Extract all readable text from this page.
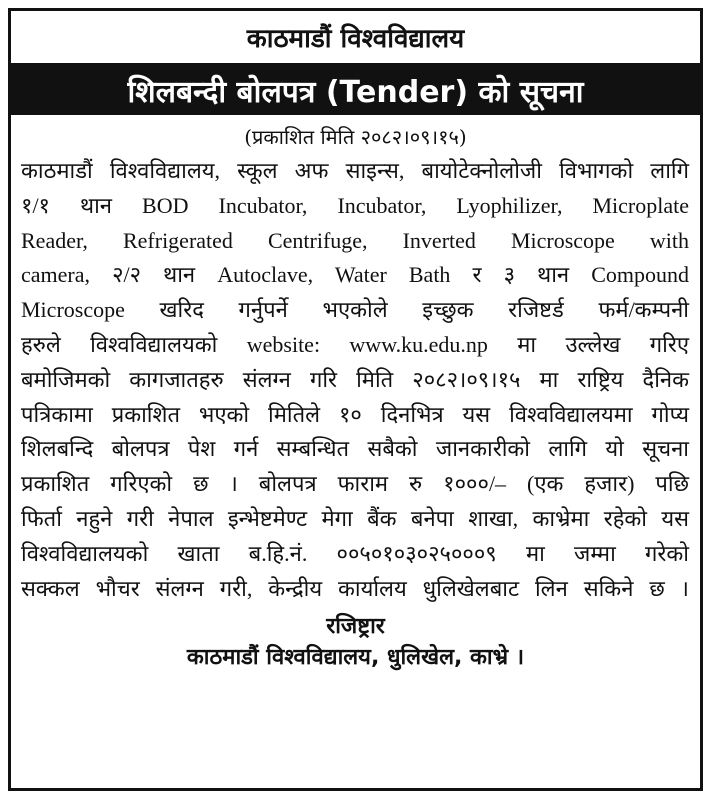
काठमाडौं विश्वविद्यालय
शिलबन्दी बोलपत्र (Tender) को सूचना
(प्रकाशित मिति २०८२।०९।१५)
काठमाडौं विश्वविद्यालय, स्कूल अफ साइन्स, बायोटेक्नोलोजी विभागको लागि
१/१ थान BOD Incubator, Incubator, Lyophilizer, Microplate
Reader, Refrigerated Centrifuge, Inverted Microscope with
camera, २/२ थान Autoclave, Water Bath र ३ थान Compound
Microscope खरिद गर्नुपर्ने भएकोले इच्छुक रजिष्टर्ड फर्म/कम्पनी
हरुले विश्वविद्यालयको website: www.ku.edu.np मा उल्लेख गरिए
बमोजिमको कागजातहरु संलग्न गरि मिति २०८२।०९।१५ मा राष्ट्रिय दैनिक
पत्रिकामा प्रकाशित भएको मितिले १० दिनभित्र यस विश्वविद्यालयमा गोप्य
शिलबन्दि बोलपत्र पेश गर्न सम्बन्धित सबैको जानकारीको लागि यो सूचना
प्रकाशित गरिएको छ । बोलपत्र फाराम रु १०००/– (एक हजार) पछि
फिर्ता नहुने गरी नेपाल इन्भेष्टमेण्ट मेगा बैंक बनेपा शाखा, काभ्रेमा रहेको यस
विश्वविद्यालयको खाता ब.हि.नं. ००५०१०३०२५०००९ मा जम्मा गरेको
सक्कल भौचर संलग्न गरी, केन्द्रीय कार्यालय धुलिखेलबाट लिन सकिने छ ।
रजिष्ट्रार
काठमाडौं विश्वविद्यालय, धुलिखेल, काभ्रे ।
